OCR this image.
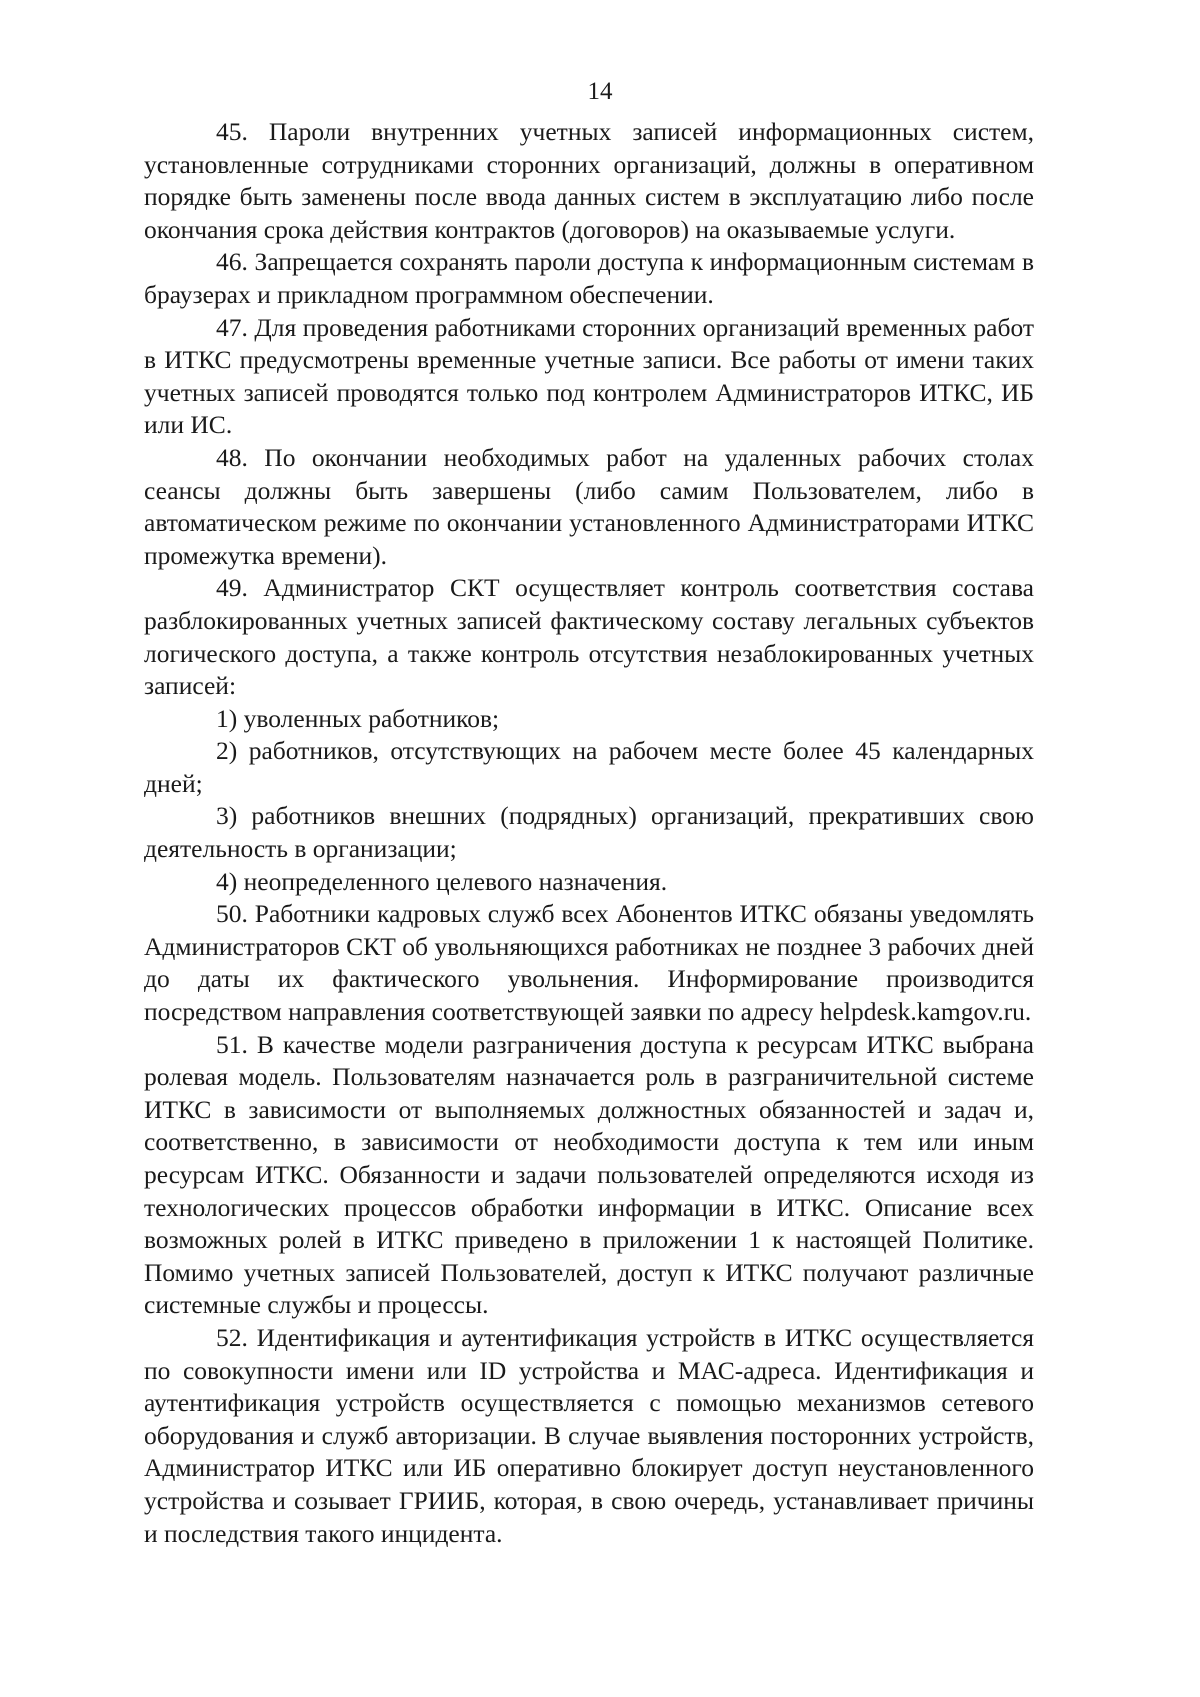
14

45. Пароли внутренних учетных записей информационных систем, установленные сотрудниками сторонних организаций, должны в оперативном порядке быть заменены после ввода данных систем в эксплуатацию либо после окончания срока действия контрактов (договоров) на оказываемые услуги.

46. Запрещается сохранять пароли доступа к информационным системам в браузерах и прикладном программном обеспечении.

47. Для проведения работниками сторонних организаций временных работ в ИТКС предусмотрены временные учетные записи. Все работы от имени таких учетных записей проводятся только под контролем Администраторов ИТКС, ИБ или ИС.

48. По окончании необходимых работ на удаленных рабочих столах сеансы должны быть завершены (либо самим Пользователем, либо в автоматическом режиме по окончании установленного Администраторами ИТКС промежутка времени).

49. Администратор СКТ осуществляет контроль соответствия состава разблокированных учетных записей фактическому составу легальных субъектов логического доступа, а также контроль отсутствия незаблокированных учетных записей:

1) уволенных работников;

2) работников, отсутствующих на рабочем месте более 45 календарных дней;

3) работников внешних (подрядных) организаций, прекративших свою деятельность в организации;

4) неопределенного целевого назначения.

50. Работники кадровых служб всех Абонентов ИТКС обязаны уведомлять Администраторов СКТ об увольняющихся работниках не позднее 3 рабочих дней до даты их фактического увольнения. Информирование производится посредством направления соответствующей заявки по адресу helpdesk.kamgov.ru.

51. В качестве модели разграничения доступа к ресурсам ИТКС выбрана ролевая модель. Пользователям назначается роль в разграничительной системе ИТКС в зависимости от выполняемых должностных обязанностей и задач и, соответственно, в зависимости от необходимости доступа к тем или иным ресурсам ИТКС. Обязанности и задачи пользователей определяются исходя из технологических процессов обработки информации в ИТКС. Описание всех возможных ролей в ИТКС приведено в приложении 1 к настоящей Политике. Помимо учетных записей Пользователей, доступ к ИТКС получают различные системные службы и процессы.

52. Идентификация и аутентификация устройств в ИТКС осуществляется по совокупности имени или ID устройства и МАС-адреса. Идентификация и аутентификация устройств осуществляется с помощью механизмов сетевого оборудования и служб авторизации. В случае выявления посторонних устройств, Администратор ИТКС или ИБ оперативно блокирует доступ неустановленного устройства и созывает ГРИИБ, которая, в свою очередь, устанавливает причины и последствия такого инцидента.
